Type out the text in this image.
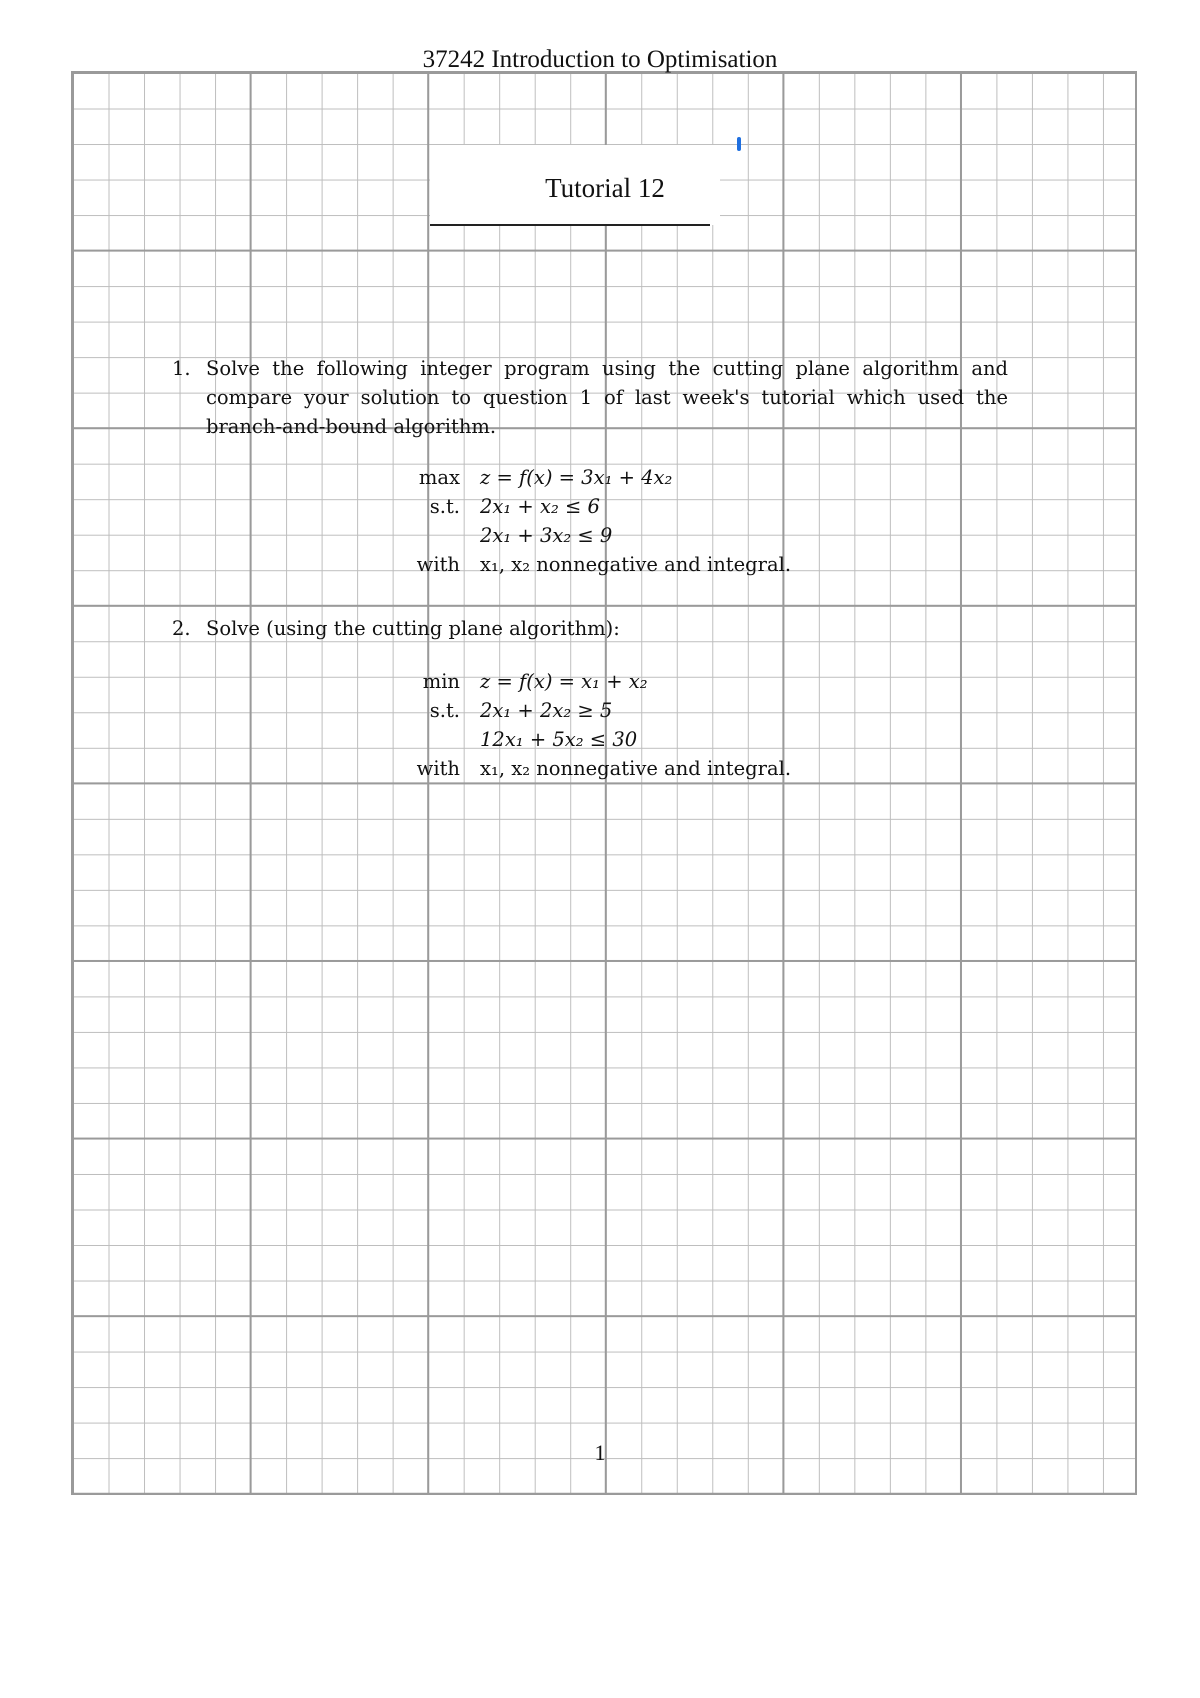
37242 Introduction to Optimisation
Tutorial 12
1. Solve the following integer program using the cutting plane algorithm and compare your solution to question 1 of last week's tutorial which used the branch-and-bound algorithm.
max z = f(x) = 3x₁ + 4x₂
s.t. 2x₁ + x₂ ≤ 6
2x₁ + 3x₂ ≤ 9
with x₁, x₂ nonnegative and integral.
2. Solve (using the cutting plane algorithm):
min z = f(x) = x₁ + x₂
s.t. 2x₁ + 2x₂ ≥ 5
12x₁ + 5x₂ ≤ 30
with x₁, x₂ nonnegative and integral.
1
